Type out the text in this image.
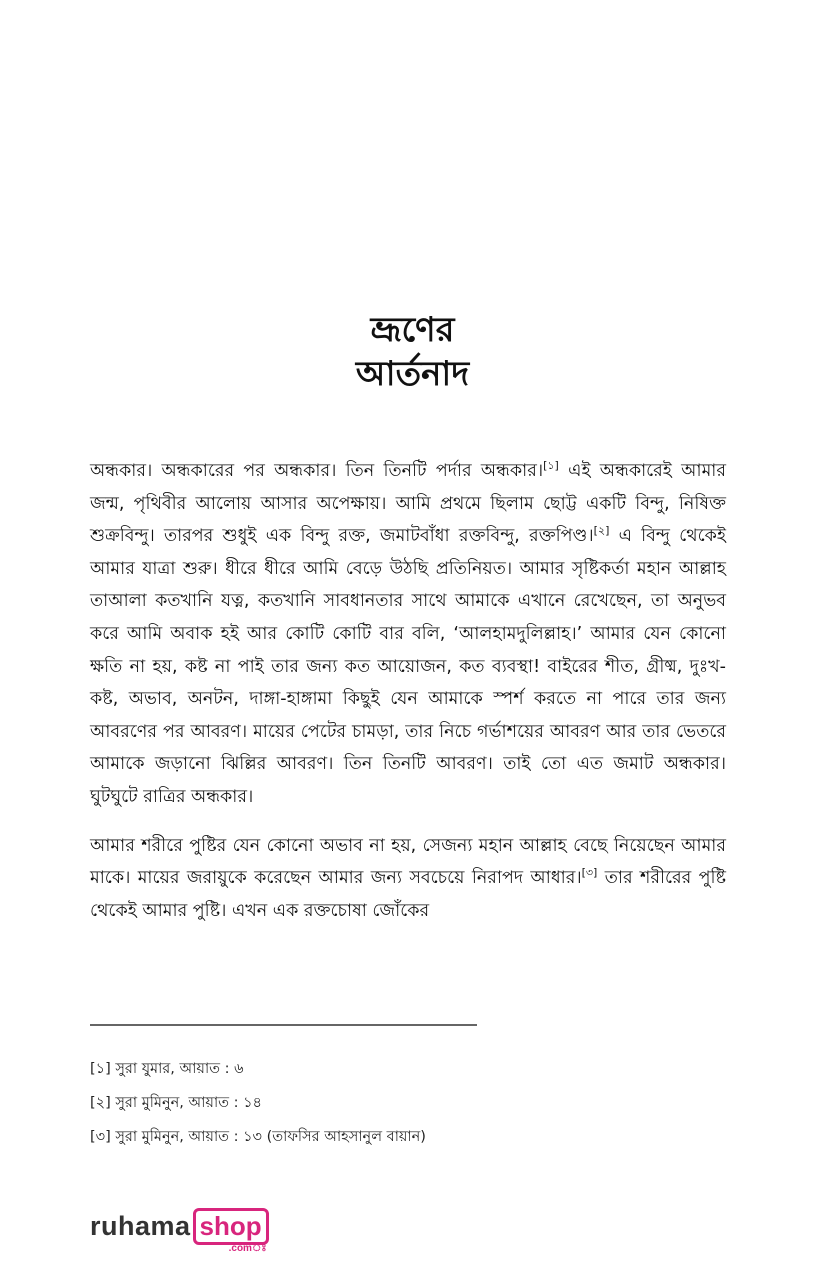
ভ্রূণের
আর্তনাদ

অন্ধকার। অন্ধকারের পর অন্ধকার। তিন তিনটি পর্দার অন্ধকার।[১] এই অন্ধকারেই আমার জন্ম, পৃথিবীর আলোয় আসার অপেক্ষায়। আমি প্রথমে ছিলাম ছোট্ট একটি বিন্দু, নিষিক্ত শুক্রবিন্দু। তারপর শুধুই এক বিন্দু রক্ত, জমাটবাঁধা রক্তবিন্দু, রক্তপিণ্ড।[২] এ বিন্দু থেকেই আমার যাত্রা শুরু। ধীরে ধীরে আমি বেড়ে উঠছি প্রতিনিয়ত। আমার সৃষ্টিকর্তা মহান আল্লাহ তাআলা কতখানি যত্ন, কতখানি সাবধানতার সাথে আমাকে এখানে রেখেছেন, তা অনুভব করে আমি অবাক হই আর কোটি কোটি বার বলি, ‘আলহামদুলিল্লাহ।’ আমার যেন কোনো ক্ষতি না হয়, কষ্ট না পাই তার জন্য কত আয়োজন, কত ব্যবস্থা! বাইরের শীত, গ্রীষ্ম, দুঃখ-কষ্ট, অভাব, অনটন, দাঙ্গা-হাঙ্গামা কিছুই যেন আমাকে স্পর্শ করতে না পারে তার জন্য আবরণের পর আবরণ। মায়ের পেটের চামড়া, তার নিচে গর্ভাশয়ের আবরণ আর তার ভেতরে আমাকে জড়ানো ঝিল্লির আবরণ। তিন তিনটি আবরণ। তাই তো এত জমাট অন্ধকার। ঘুটঘুটে রাত্রির অন্ধকার।

আমার শরীরে পুষ্টির যেন কোনো অভাব না হয়, সেজন্য মহান আল্লাহ বেছে নিয়েছেন আমার মাকে। মায়ের জরায়ুকে করেছেন আমার জন্য সবচেয়ে নিরাপদ আধার।[৩] তার শরীরের পুষ্টি থেকেই আমার পুষ্টি। এখন এক রক্তচোষা জোঁকের

[১] সুরা যুমার, আয়াত : ৬
[২] সুরা মুমিনুন, আয়াত : ১৪
[৩] সুরা মুমিনুন, আয়াত : ১৩ (তাফসির আহসানুল বায়ান)
ruhama shop
.comঃ
